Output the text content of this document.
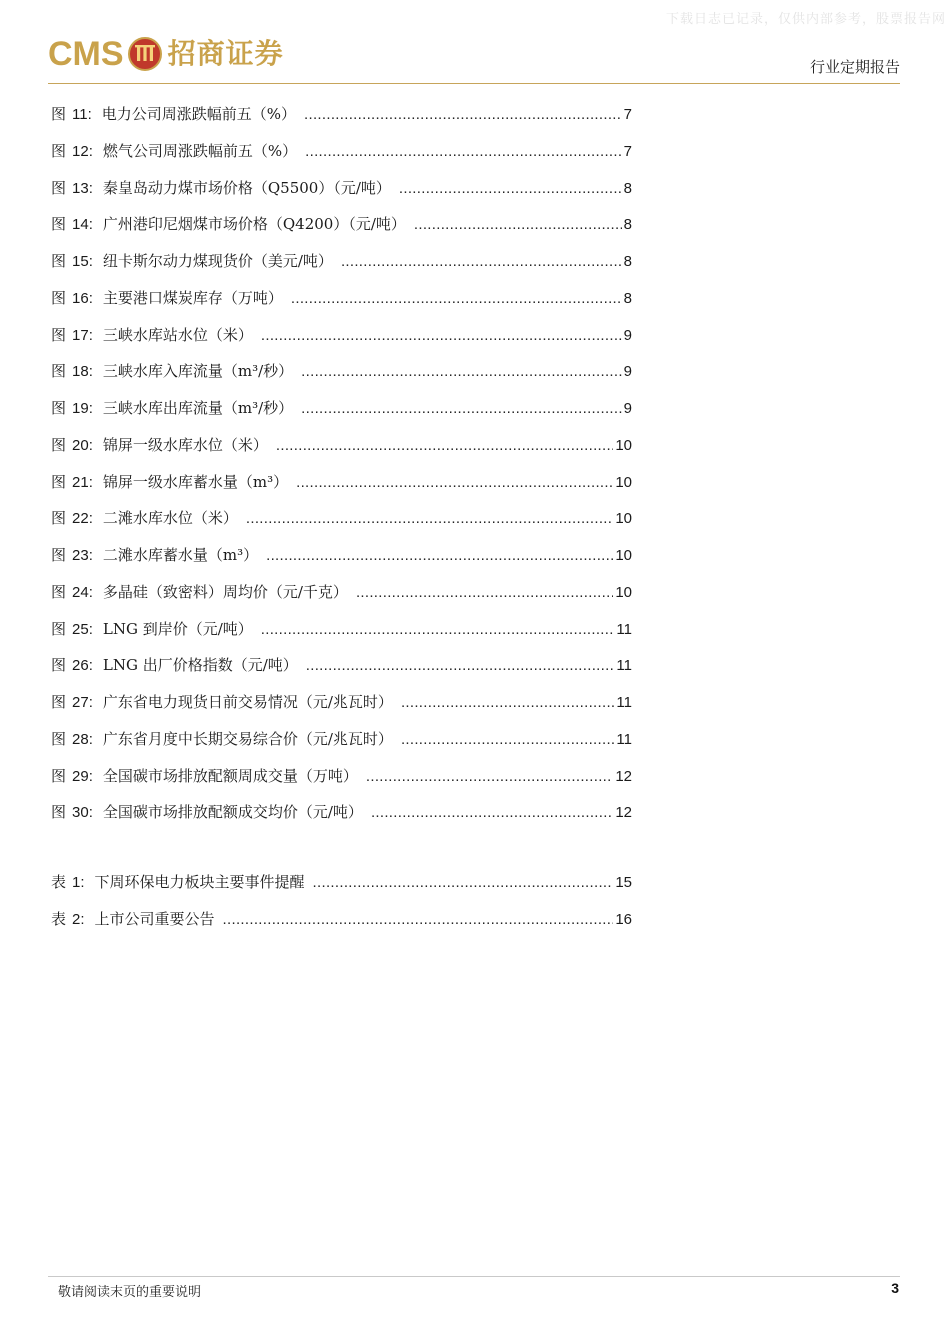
下载日志已记录，仅供内部参考，股票报告网
CMS 招商证券	行业定期报告
图 11: 电力公司周涨跌幅前五（%） .....	7
图 12: 燃气公司周涨跌幅前五（%） .....	7
图 13: 秦皇岛动力煤市场价格（Q5500）（元/吨） .....	8
图 14: 广州港印尼烟煤市场价格（Q4200）（元/吨） .....	8
图 15: 纽卡斯尔动力煤现货价（美元/吨） .....	8
图 16: 主要港口煤炭库存（万吨） .....	8
图 17: 三峡水库站水位（米） .....	9
图 18: 三峡水库入库流量（m³/秒） .....	9
图 19: 三峡水库出库流量（m³/秒） .....	9
图 20: 锦屏一级水库水位（米） .....	10
图 21: 锦屏一级水库蓄水量（m³） .....	10
图 22: 二滩水库水位（米） .....	10
图 23: 二滩水库蓄水量（m³） .....	10
图 24: 多晶硅（致密料）周均价（元/千克） .....	10
图 25: LNG 到岸价（元/吨） .....	11
图 26: LNG 出厂价格指数（元/吨） .....	11
图 27: 广东省电力现货日前交易情况（元/兆瓦时） .....	11
图 28: 广东省月度中长期交易综合价（元/兆瓦时） .....	11
图 29: 全国碳市场排放配额周成交量（万吨） .....	12
图 30: 全国碳市场排放配额成交均价（元/吨） .....	12
表 1: 下周环保电力板块主要事件提醒 .....	15
表 2: 上市公司重要公告 .....	16
敬请阅读末页的重要说明	3
